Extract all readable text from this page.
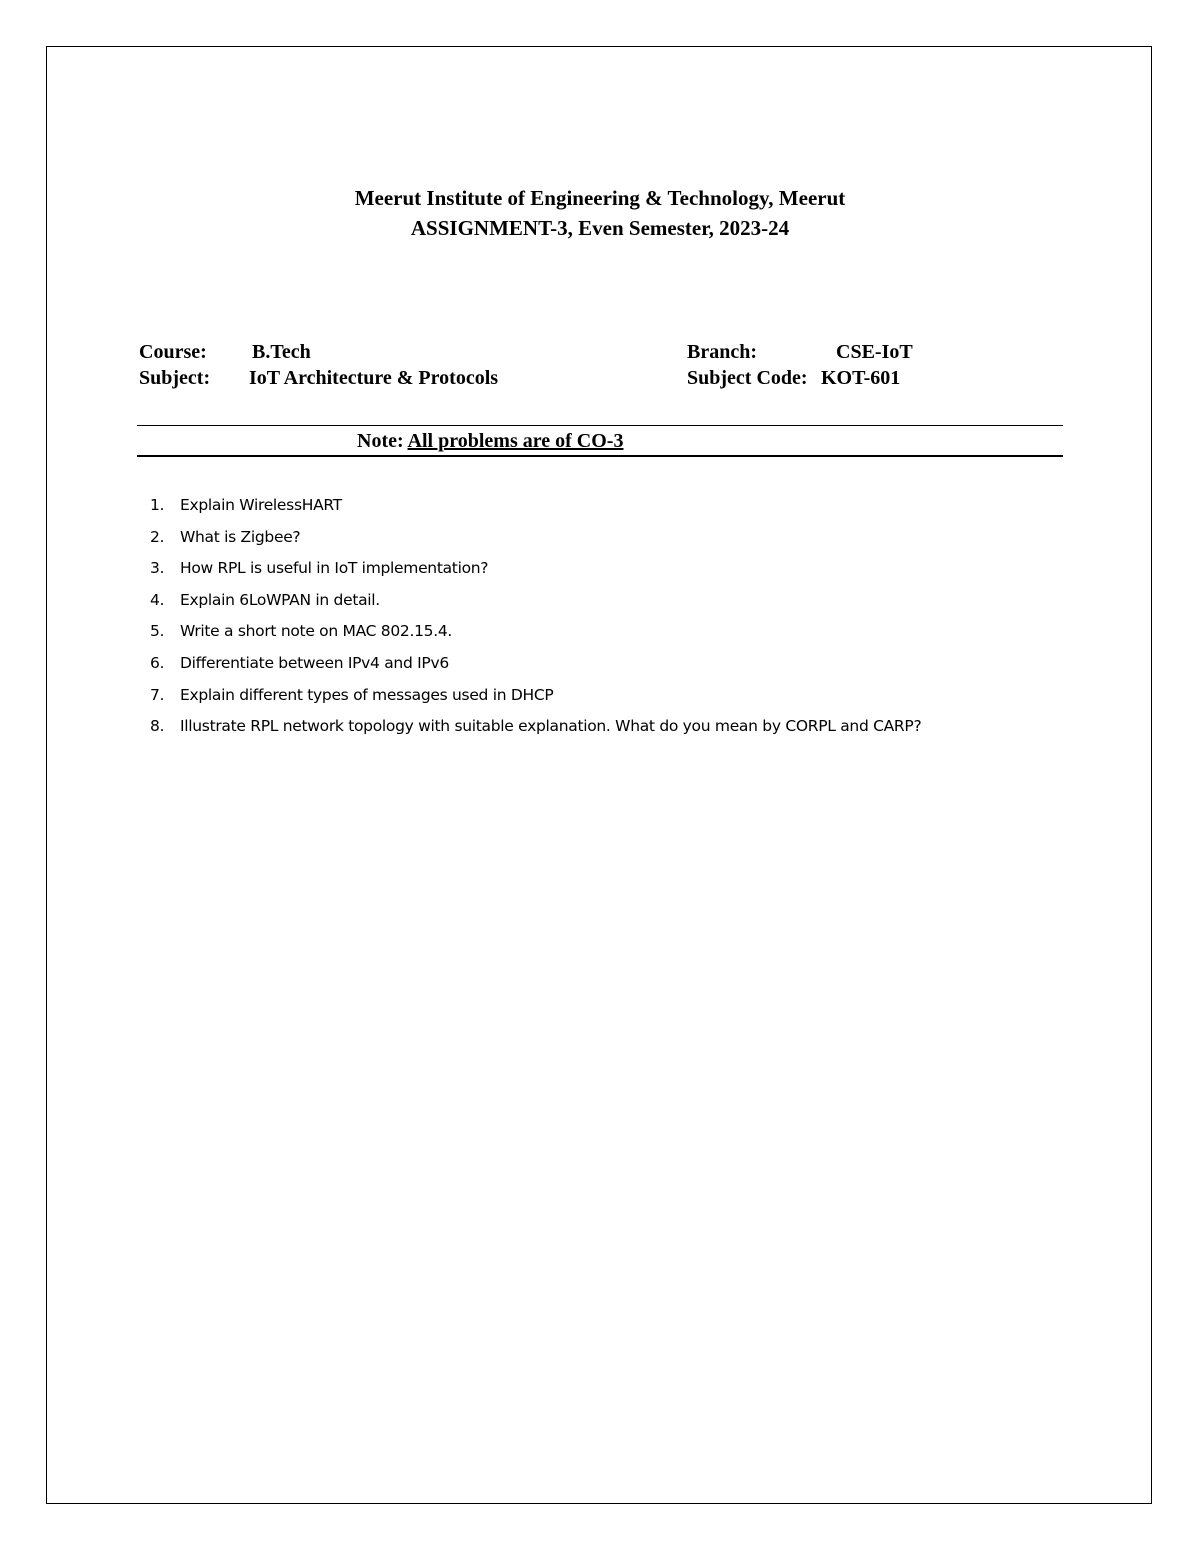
Meerut Institute of Engineering & Technology, Meerut
ASSIGNMENT-3, Even Semester, 2023-24
Course: B.Tech
Subject: IoT Architecture & Protocols
Branch:	CSE-IoT
Subject Code: KOT-601
Note: All problems are of CO-3
1.	Explain WirelessHART
2.	What is Zigbee?
3.	How RPL is useful in IoT implementation?
4.	Explain 6LoWPAN in detail.
5.	Write a short note on MAC 802.15.4.
6.	Differentiate between IPv4 and IPv6
7.	Explain different types of messages used in DHCP
8.	Illustrate RPL network topology with suitable explanation. What do you mean by CORPL and CARP?
